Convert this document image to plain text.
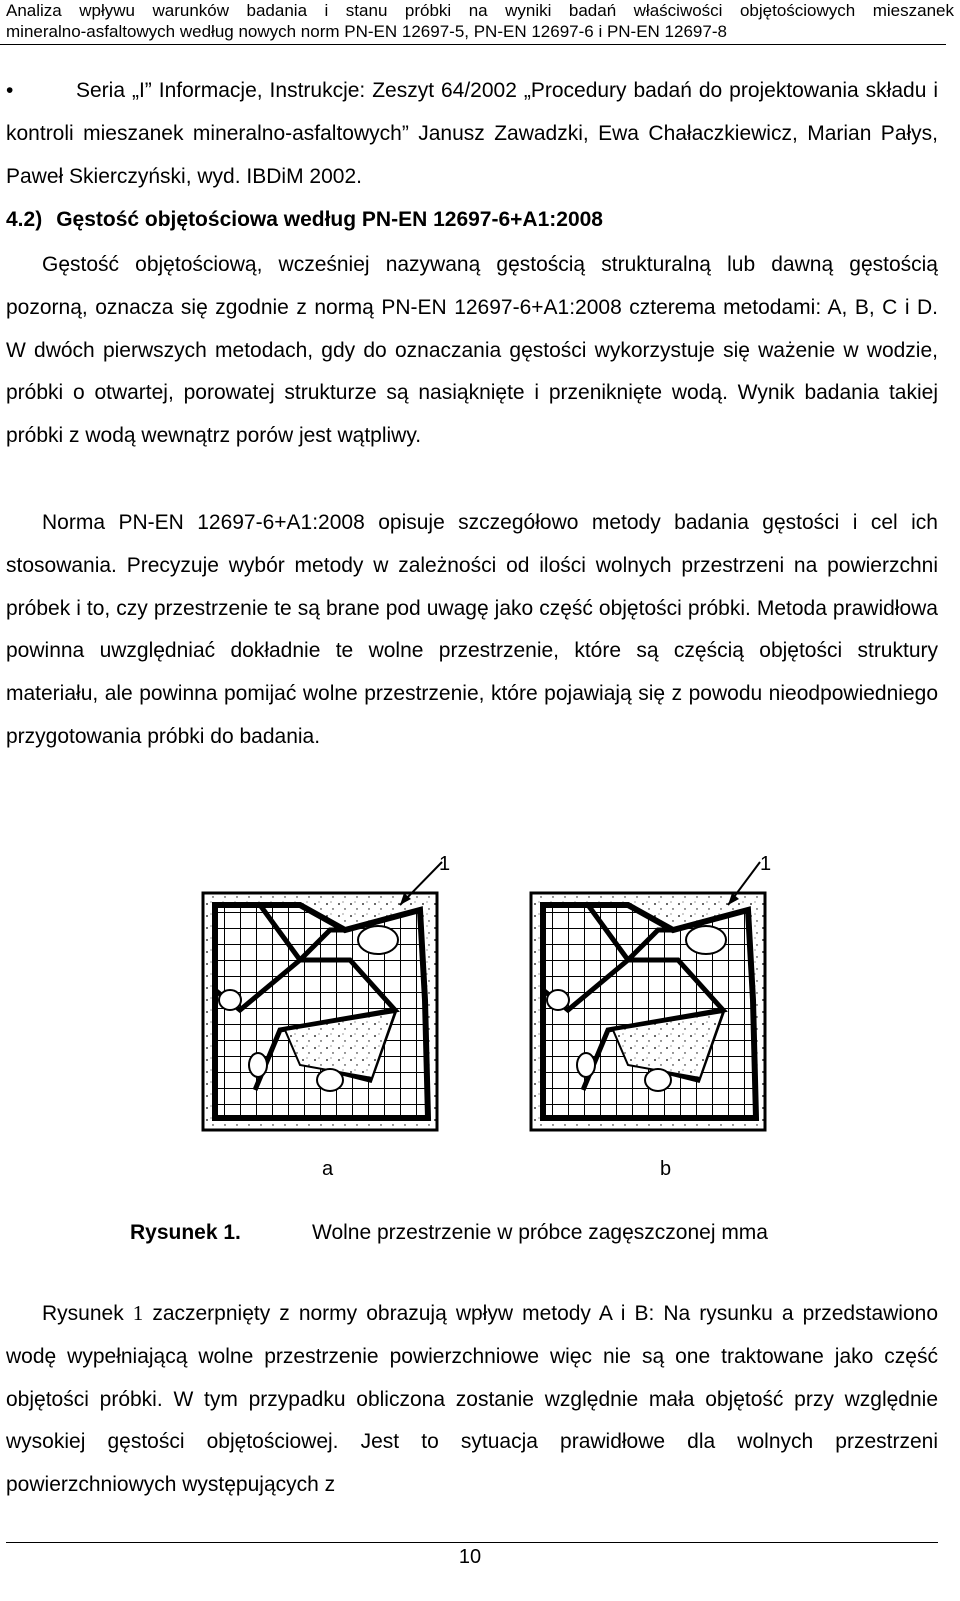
Analiza wpływu warunków badania i stanu próbki na wyniki badań właściwości objętościowych mieszanek
mineralno-asfaltowych według nowych norm PN-EN 12697-5, PN-EN 12697-6 i PN-EN 12697-8
•	Seria „I” Informacje, Instrukcje: Zeszyt 64/2002 „Procedury badań do projektowania składu i kontroli mieszanek mineralno-asfaltowych” Janusz Zawadzki, Ewa Chałaczkiewicz, Marian Pałys, Paweł Skierczyński, wyd. IBDiM 2002.
4.2) Gęstość objętościowa według PN-EN 12697-6+A1:2008
Gęstość objętościową, wcześniej nazywaną gęstością strukturalną lub dawną gęstością pozorną, oznacza się zgodnie z normą PN-EN 12697-6+A1:2008 czterema metodami: A, B, C i D. W dwóch pierwszych metodach, gdy do oznaczania gęstości wykorzystuje się ważenie w wodzie, próbki o otwartej, porowatej strukturze są nasiąknięte i przeniknięte wodą. Wynik badania takiej próbki z wodą wewnątrz porów jest wątpliwy.
Norma PN-EN 12697-6+A1:2008 opisuje szczegółowo metody badania gęstości i cel ich stosowania. Precyzuje wybór metody w zależności od ilości wolnych przestrzeni na powierzchni próbek i to, czy przestrzenie te są brane pod uwagę jako część objętości próbki. Metoda prawidłowa powinna uwzględniać dokładnie te wolne przestrzenie, które są częścią objętości struktury materiału, ale powinna pomijać wolne przestrzenie, które pojawiają się z powodu nieodpowiedniego przygotowania próbki do badania.
1	1
a	b
Rysunek 1.	Wolne przestrzenie w próbce zagęszczonej mma
Rysunek 1 zaczerpnięty z normy obrazują wpływ metody A i B: Na rysunku a przedstawiono wodę wypełniającą wolne przestrzenie powierzchniowe więc nie są one traktowane jako część objętości próbki. W tym przypadku obliczona zostanie względnie mała objętość przy względnie wysokiej gęstości objętościowej. Jest to sytuacja prawidłowe dla wolnych przestrzeni powierzchniowych występujących z
10
